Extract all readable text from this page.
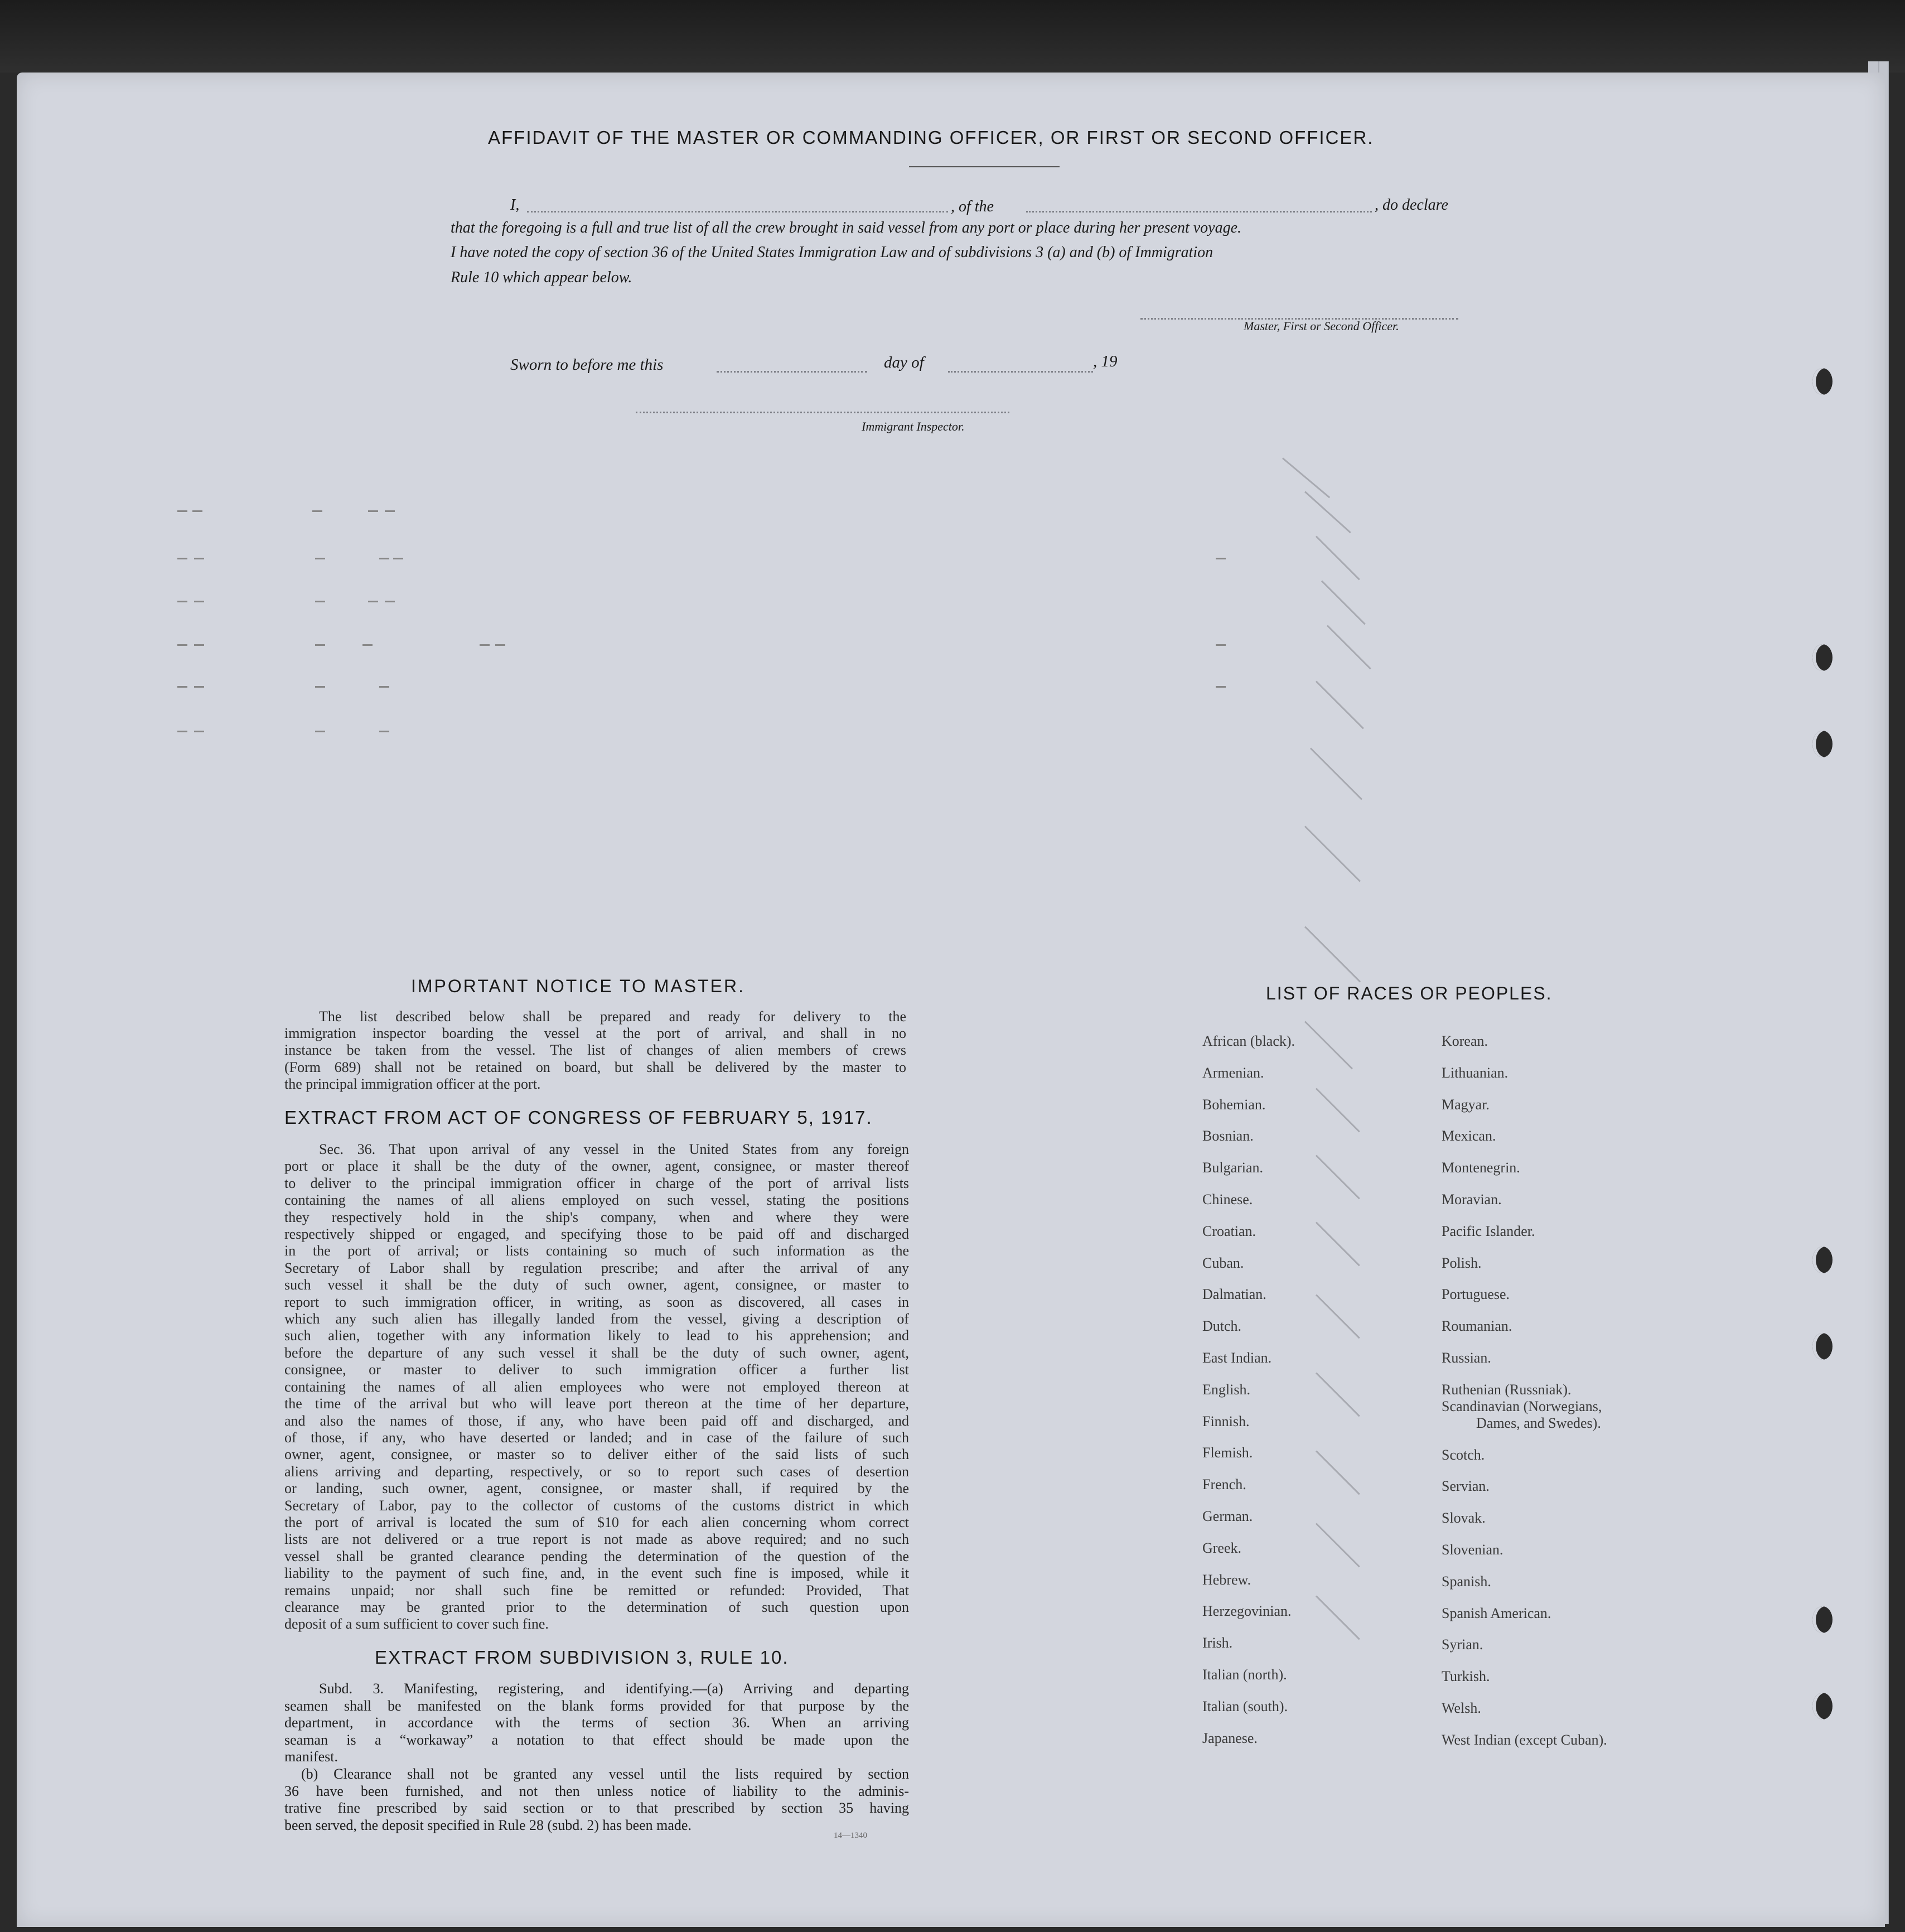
AFFIDAVIT OF THE MASTER OR COMMANDING OFFICER, OR FIRST OR SECOND OFFICER.
I,	, of the	, do declare
that the foregoing is a full and true list of all the crew brought in said vessel from any port or place during her present voyage.
I have noted the copy of section 36 of the United States Immigration Law and of subdivisions 3 (a) and (b) of Immigration
Rule 10 which appear below.
Master, First or Second Officer.
Sworn to before me this	day of	, 19
Immigrant Inspector.
IMPORTANT NOTICE TO MASTER.
The list described below shall be prepared and ready for delivery to the
immigration inspector boarding the vessel at the port of arrival, and shall in no
instance be taken from the vessel. The list of changes of alien members of crews
(Form 689) shall not be retained on board, but shall be delivered by the master to
the principal immigration officer at the port.
EXTRACT FROM ACT OF CONGRESS OF FEBRUARY 5, 1917.
Sec. 36. That upon arrival of any vessel in the United States from any foreign
port or place it shall be the duty of the owner, agent, consignee, or master thereof
to deliver to the principal immigration officer in charge of the port of arrival lists
containing the names of all aliens employed on such vessel, stating the positions
they respectively hold in the ship's company, when and where they were
respectively shipped or engaged, and specifying those to be paid off and discharged
in the port of arrival; or lists containing so much of such information as the
Secretary of Labor shall by regulation prescribe; and after the arrival of any
such vessel it shall be the duty of such owner, agent, consignee, or master to
report to such immigration officer, in writing, as soon as discovered, all cases in
which any such alien has illegally landed from the vessel, giving a description of
such alien, together with any information likely to lead to his apprehension; and
before the departure of any such vessel it shall be the duty of such owner, agent,
consignee, or master to deliver to such immigration officer a further list
containing the names of all alien employees who were not employed thereon at
the time of the arrival but who will leave port thereon at the time of her departure,
and also the names of those, if any, who have been paid off and discharged, and
of those, if any, who have deserted or landed; and in case of the failure of such
owner, agent, consignee, or master so to deliver either of the said lists of such
aliens arriving and departing, respectively, or so to report such cases of desertion
or landing, such owner, agent, consignee, or master shall, if required by the
Secretary of Labor, pay to the collector of customs of the customs district in which
the port of arrival is located the sum of $10 for each alien concerning whom correct
lists are not delivered or a true report is not made as above required; and no such
vessel shall be granted clearance pending the determination of the question of the
liability to the payment of such fine, and, in the event such fine is imposed, while it
remains unpaid; nor shall such fine be remitted or refunded: Provided, That
clearance may be granted prior to the determination of such question upon
deposit of a sum sufficient to cover such fine.
EXTRACT FROM SUBDIVISION 3, RULE 10.
Subd. 3. Manifesting, registering, and identifying.—(a) Arriving and departing
seamen shall be manifested on the blank forms provided for that purpose by the
department, in accordance with the terms of section 36. When an arriving
seaman is a “workaway” a notation to that effect should be made upon the
manifest.
(b) Clearance shall not be granted any vessel until the lists required by section
36 have been furnished, and not then unless notice of liability to the adminis-
trative fine prescribed by said section or to that prescribed by section 35 having
been served, the deposit specified in Rule 28 (subd. 2) has been made.
14—1340
LIST OF RACES OR PEOPLES.
African (black).
Armenian.
Bohemian.
Bosnian.
Bulgarian.
Chinese.
Croatian.
Cuban.
Dalmatian.
Dutch.
East Indian.
English.
Finnish.
Flemish.
French.
German.
Greek.
Hebrew.
Herzegovinian.
Irish.
Italian (north).
Italian (south).
Japanese.
Korean.
Lithuanian.
Magyar.
Mexican.
Montenegrin.
Moravian.
Pacific Islander.
Polish.
Portuguese.
Roumanian.
Russian.
Ruthenian (Russniak).
Scandinavian (Norwegians,
Dames, and Swedes).
Scotch.
Servian.
Slovak.
Slovenian.
Spanish.
Spanish American.
Syrian.
Turkish.
Welsh.
West Indian (except Cuban).
